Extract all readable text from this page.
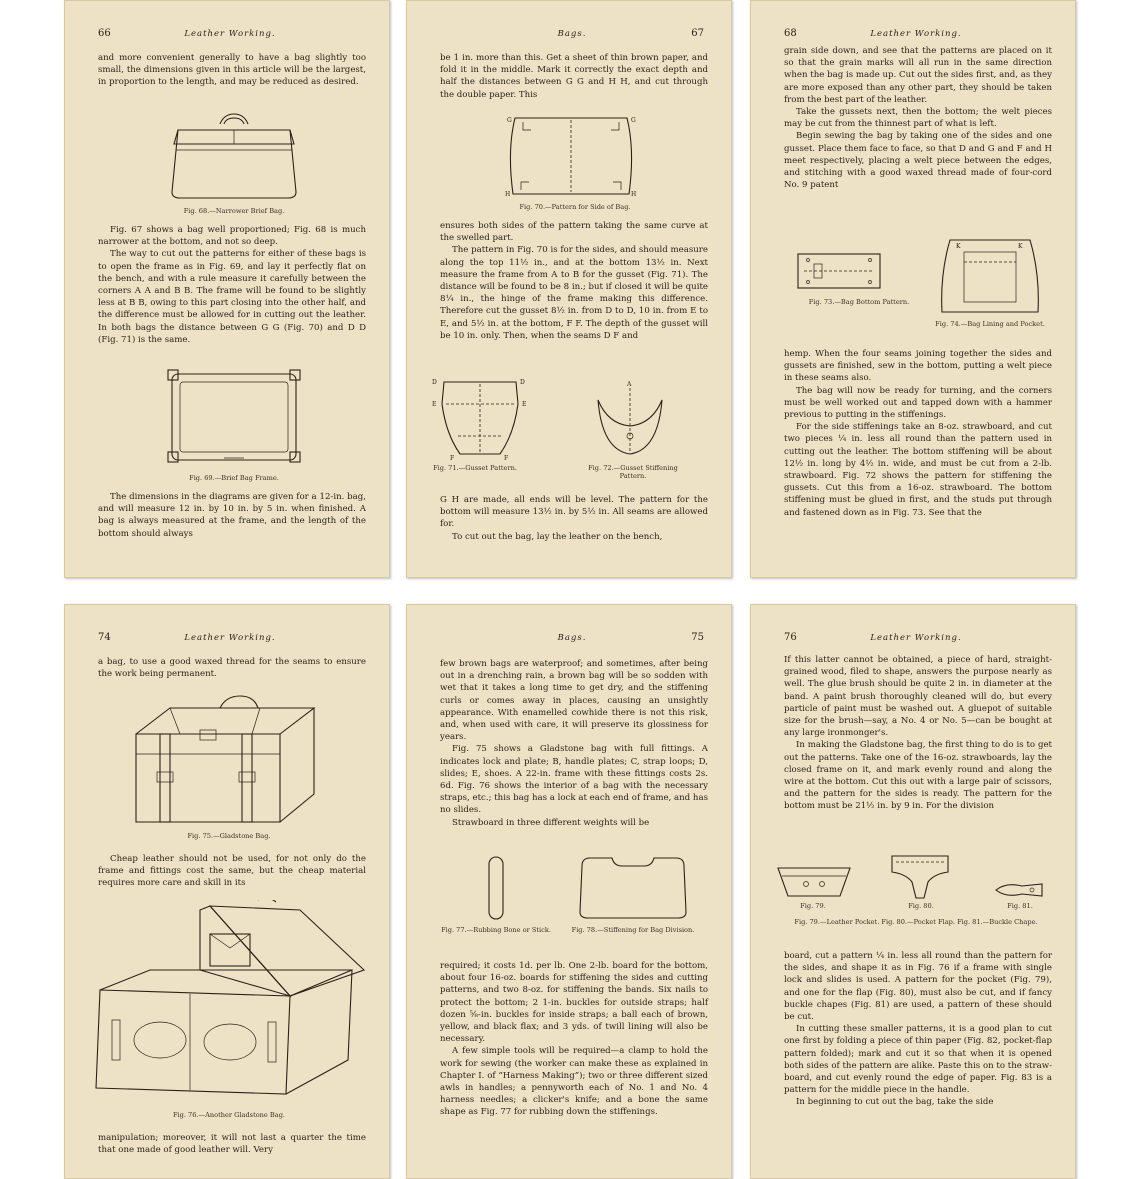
66	Leather Working.

and more convenient generally to have a bag slightly too small, the dimensions given in this article will be the largest, in proportion to the length, and may be reduced as desired.

Fig. 68.—Narrower Brief Bag.

Fig. 67 shows a bag well proportioned; Fig. 68 is much narrower at the bottom, and not so deep.

The way to cut out the patterns for either of these bags is to open the frame as in Fig. 69, and lay it perfectly flat on the bench, and with a rule measure it carefully between the corners A A and B B. The frame will be found to be slightly less at B B, owing to this part closing into the other half, and the difference must be allowed for in cutting out the leather. In both bags the distance between G G (Fig. 70) and D D (Fig. 71) is the same.

Fig. 69.—Brief Bag Frame.

The dimensions in the diagrams are given for a 12-in. bag, and will measure 12 in. by 10 in. by 5 in. when finished. A bag is always measured at the frame, and the length of the bottom should always

Bags.	67

be 1 in. more than this. Get a sheet of thin brown paper, and fold it in the middle. Mark it correctly the exact depth and half the distances between G G and H H, and cut through the double paper. This

G	G
H	H
Fig. 70.—Pattern for Side of Bag.

ensures both sides of the pattern taking the same curve at the swelled part.

The pattern in Fig. 70 is for the sides, and should measure along the top 11½ in., and at the bottom 13½ in. Next measure the frame from A to B for the gusset (Fig. 71). The distance will be found to be 8 in.; but if closed it will be quite 8¼ in., the hinge of the frame making this difference. Therefore cut the gusset 8½ in. from D to D, 10 in. from E to E, and 5½ in. at the bottom, F F. The depth of the gusset will be 10 in. only. Then, when the seams D F and

D	D
E	E
F	F
Fig. 71.—Gusset Pattern.
A
Fig. 72.—Gusset Stiffening Pattern.

G H are made, all ends will be level. The pattern for the bottom will measure 13½ in. by 5½ in. All seams are allowed for.

To cut out the bag, lay the leather on the bench,

68	Leather Working.

grain side down, and see that the patterns are placed on it so that the grain marks will all run in the same direction when the bag is made up. Cut out the sides first, and, as they are more exposed than any other part, they should be taken from the best part of the leather.

Take the gussets next, then the bottom; the welt pieces may be cut from the thinnest part of what is left.

Begin sewing the bag by taking one of the sides and one gusset. Place them face to face, so that D and G and F and H meet respectively, placing a welt piece between the edges, and stitching with a good waxed thread made of four-cord No. 9 patent

Fig. 73.—Bag Bottom Pattern.
K	K
Fig. 74.—Bag Lining and Pocket.

hemp. When the four seams joining together the sides and gussets are finished, sew in the bottom, putting a welt piece in these seams also.

The bag will now be ready for turning, and the corners must be well worked out and tapped down with a hammer previous to putting in the stiffenings.

For the side stiffenings take an 8-oz. strawboard, and cut two pieces ¼ in. less all round than the pattern used in cutting out the leather. The bottom stiffening will be about 12½ in. long by 4½ in. wide, and must be cut from a 2-lb. strawboard. Fig. 72 shows the pattern for stiffening the gussets. Cut this from a 16-oz. strawboard. The bottom stiffening must be glued in first, and the studs put through and fastened down as in Fig. 73. See that the

74	Leather Working.

a bag, to use a good waxed thread for the seams to ensure the work being permanent.

Fig. 75.—Gladstone Bag.

Cheap leather should not be used, for not only do the frame and fittings cost the same, but the cheap material requires more care and skill in its

Fig. 76.—Another Gladstone Bag.

manipulation; moreover, it will not last a quarter the time that one made of good leather will. Very

Bags.	75

few brown bags are waterproof; and sometimes, after being out in a drenching rain, a brown bag will be so sodden with wet that it takes a long time to get dry, and the stiffening curls or comes away in places, causing an unsightly appearance. With enamelled cowhide there is not this risk, and, when used with care, it will preserve its glossiness for years.

Fig. 75 shows a Gladstone bag with full fittings. A indicates lock and plate; B, handle plates; C, strap loops; D, slides; E, shoes. A 22-in. frame with these fittings costs 2s. 6d. Fig. 76 shows the interior of a bag with the necessary straps, etc.; this bag has a lock at each end of frame, and has no slides.

Strawboard in three different weights will be

Fig. 77.—Rubbing Bone or Stick.	Fig. 78.—Stiffening for Bag Division.

required; it costs 1d. per lb. One 2-lb. board for the bottom, about four 16-oz. boards for stiffening the sides and cutting patterns, and two 8-oz. for stiffening the bands. Six nails to protect the bottom; 2 1-in. buckles for outside straps; half dozen ⅝-in. buckles for inside straps; a ball each of brown, yellow, and black flax; and 3 yds. of twill lining will also be necessary.

A few simple tools will be required—a clamp to hold the work for sewing (the worker can make these as explained in Chapter I. of “Harness Making”); two or three different sized awls in handles; a pennyworth each of No. 1 and No. 4 harness needles; a clicker's knife; and a bone the same shape as Fig. 77 for rubbing down the stiffenings.

76	Leather Working.

If this latter cannot be obtained, a piece of hard, straight-grained wood, filed to shape, answers the purpose nearly as well. The glue brush should be quite 2 in. in diameter at the band. A paint brush thoroughly cleaned will do, but every particle of paint must be washed out. A gluepot of suitable size for the brush—say, a No. 4 or No. 5—can be bought at any large ironmonger's.

In making the Gladstone bag, the first thing to do is to get out the patterns. Take one of the 16-oz. strawboards, lay the closed frame on it, and mark evenly round and along the wire at the bottom. Cut this out with a large pair of scissors, and the pattern for the sides is ready. The pattern for the bottom must be 21½ in. by 9 in. For the division

Fig. 79.	Fig. 80.	Fig. 81.
Fig. 79.—Leather Pocket. Fig. 80.—Pocket Flap. Fig. 81.—Buckle Chape.

board, cut a pattern ¼ in. less all round than the pattern for the sides, and shape it as in Fig. 76 if a frame with single lock and slides is used. A pattern for the pocket (Fig. 79), and one for the flap (Fig. 80), must also be cut, and if fancy buckle chapes (Fig. 81) are used, a pattern of these should be cut.

In cutting these smaller patterns, it is a good plan to cut one first by folding a piece of thin paper (Fig. 82, pocket-flap pattern folded); mark and cut it so that when it is opened both sides of the pattern are alike. Paste this on to the straw-board, and cut evenly round the edge of paper. Fig. 83 is a pattern for the middle piece in the handle.

In beginning to cut out the bag, take the side
